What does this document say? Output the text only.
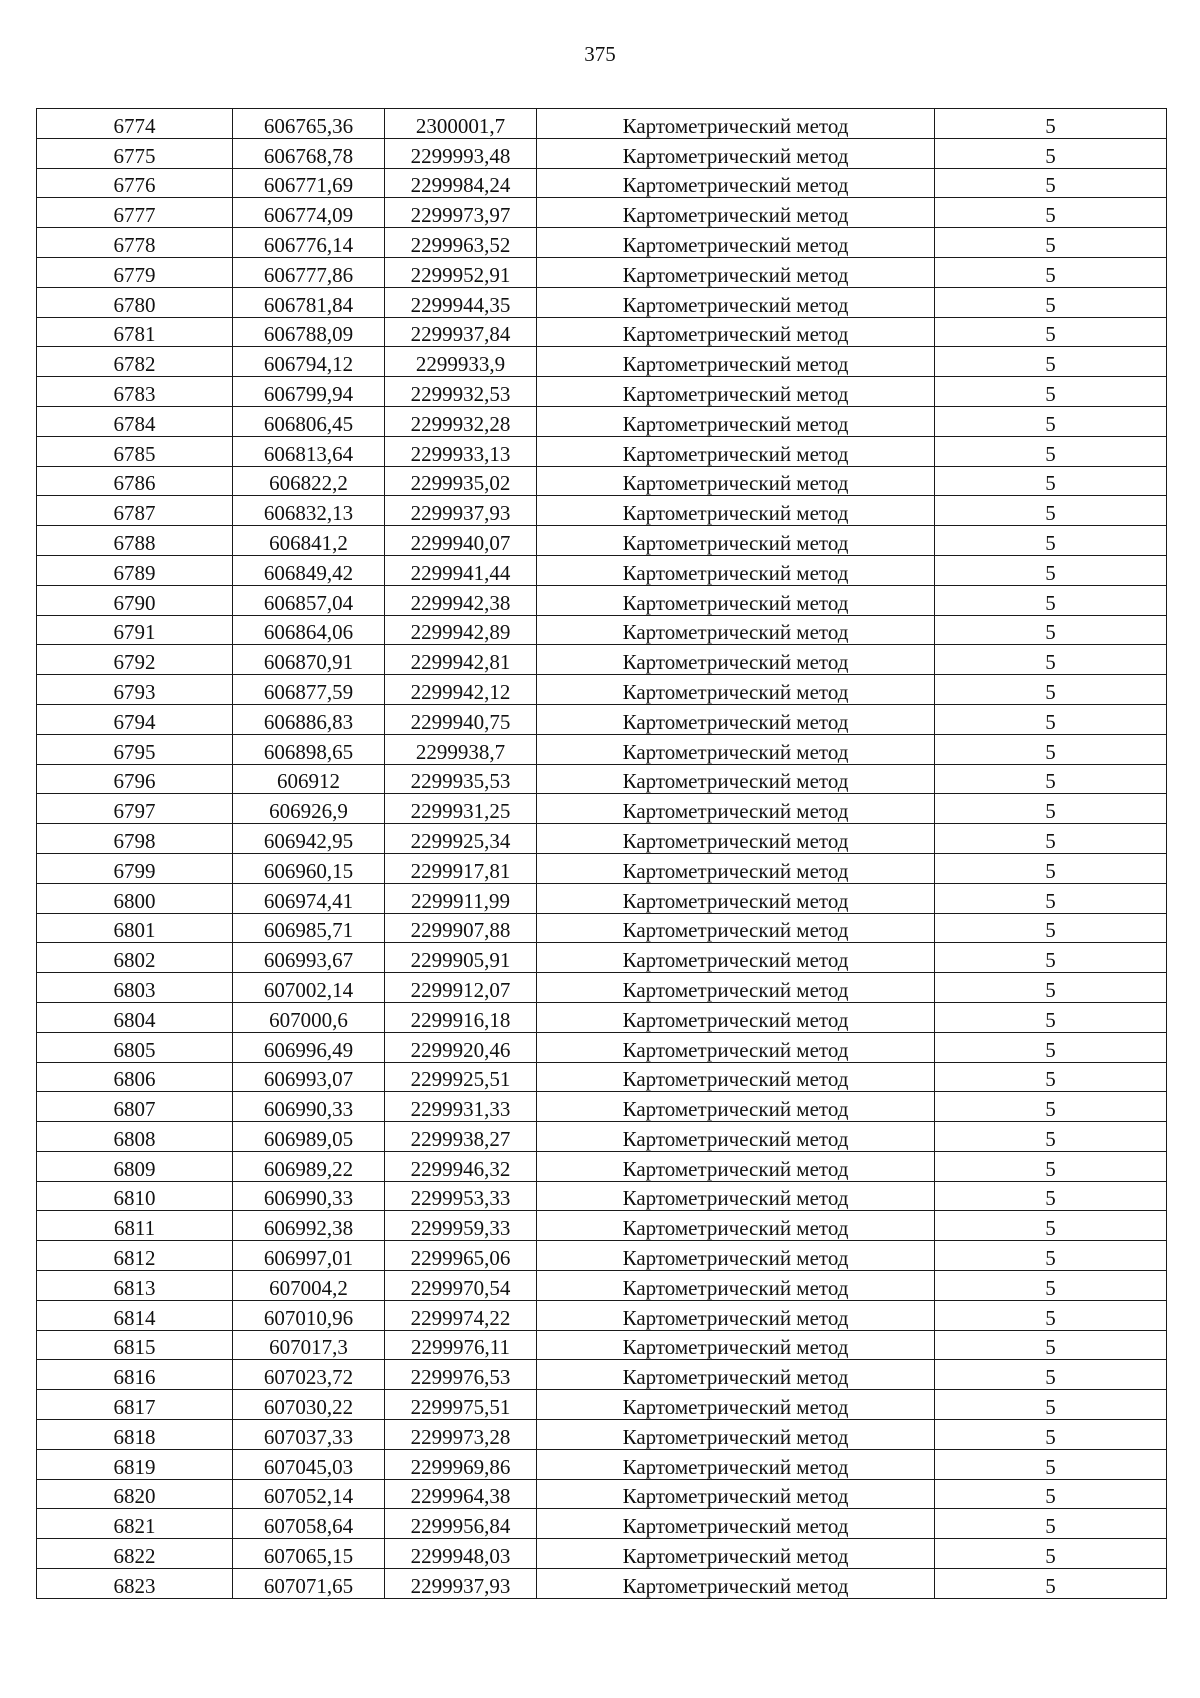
375
6774	606765,36	2300001,7	Картометрический метод	5
6775	606768,78	2299993,48	Картометрический метод	5
6776	606771,69	2299984,24	Картометрический метод	5
6777	606774,09	2299973,97	Картометрический метод	5
6778	606776,14	2299963,52	Картометрический метод	5
6779	606777,86	2299952,91	Картометрический метод	5
6780	606781,84	2299944,35	Картометрический метод	5
6781	606788,09	2299937,84	Картометрический метод	5
6782	606794,12	2299933,9	Картометрический метод	5
6783	606799,94	2299932,53	Картометрический метод	5
6784	606806,45	2299932,28	Картометрический метод	5
6785	606813,64	2299933,13	Картометрический метод	5
6786	606822,2	2299935,02	Картометрический метод	5
6787	606832,13	2299937,93	Картометрический метод	5
6788	606841,2	2299940,07	Картометрический метод	5
6789	606849,42	2299941,44	Картометрический метод	5
6790	606857,04	2299942,38	Картометрический метод	5
6791	606864,06	2299942,89	Картометрический метод	5
6792	606870,91	2299942,81	Картометрический метод	5
6793	606877,59	2299942,12	Картометрический метод	5
6794	606886,83	2299940,75	Картометрический метод	5
6795	606898,65	2299938,7	Картометрический метод	5
6796	606912	2299935,53	Картометрический метод	5
6797	606926,9	2299931,25	Картометрический метод	5
6798	606942,95	2299925,34	Картометрический метод	5
6799	606960,15	2299917,81	Картометрический метод	5
6800	606974,41	2299911,99	Картометрический метод	5
6801	606985,71	2299907,88	Картометрический метод	5
6802	606993,67	2299905,91	Картометрический метод	5
6803	607002,14	2299912,07	Картометрический метод	5
6804	607000,6	2299916,18	Картометрический метод	5
6805	606996,49	2299920,46	Картометрический метод	5
6806	606993,07	2299925,51	Картометрический метод	5
6807	606990,33	2299931,33	Картометрический метод	5
6808	606989,05	2299938,27	Картометрический метод	5
6809	606989,22	2299946,32	Картометрический метод	5
6810	606990,33	2299953,33	Картометрический метод	5
6811	606992,38	2299959,33	Картометрический метод	5
6812	606997,01	2299965,06	Картометрический метод	5
6813	607004,2	2299970,54	Картометрический метод	5
6814	607010,96	2299974,22	Картометрический метод	5
6815	607017,3	2299976,11	Картометрический метод	5
6816	607023,72	2299976,53	Картометрический метод	5
6817	607030,22	2299975,51	Картометрический метод	5
6818	607037,33	2299973,28	Картометрический метод	5
6819	607045,03	2299969,86	Картометрический метод	5
6820	607052,14	2299964,38	Картометрический метод	5
6821	607058,64	2299956,84	Картометрический метод	5
6822	607065,15	2299948,03	Картометрический метод	5
6823	607071,65	2299937,93	Картометрический метод	5
